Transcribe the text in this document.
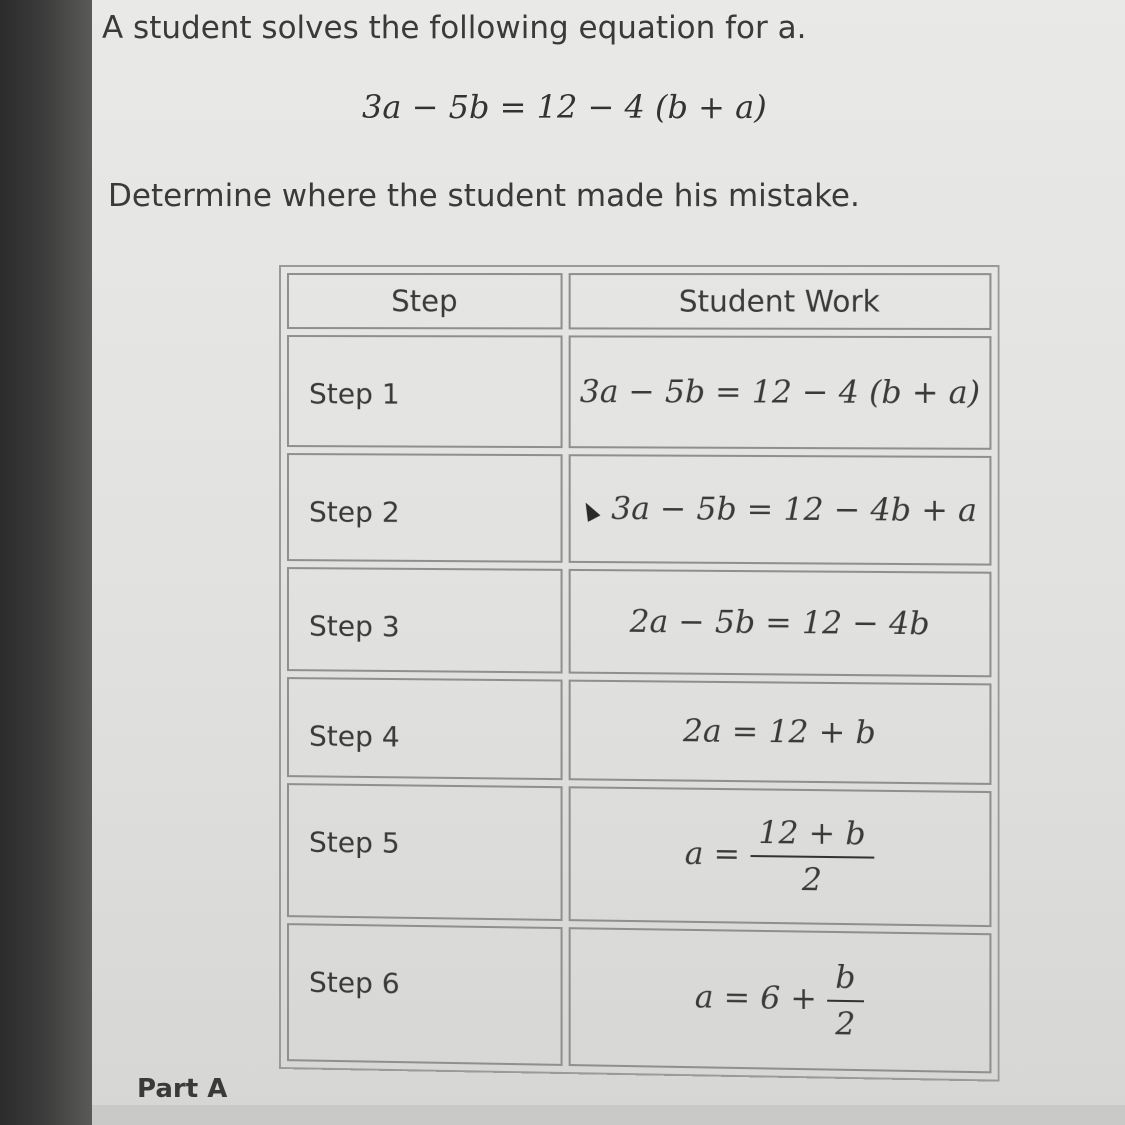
A student solves the following equation for a.
3a − 5b = 12 − 4 (b + a)
Determine where the student made his mistake.
Step	Student Work
Step 1	3a − 5b = 12 − 4 (b + a)
Step 2	3a − 5b = 12 − 4b + a
Step 3	2a − 5b = 12 − 4b
Step 4	2a = 12 + b
Step 5	$a = \frac{12 + b}{2}$

Step 6	$a = 6 + \frac{b}{2}$
Part A
